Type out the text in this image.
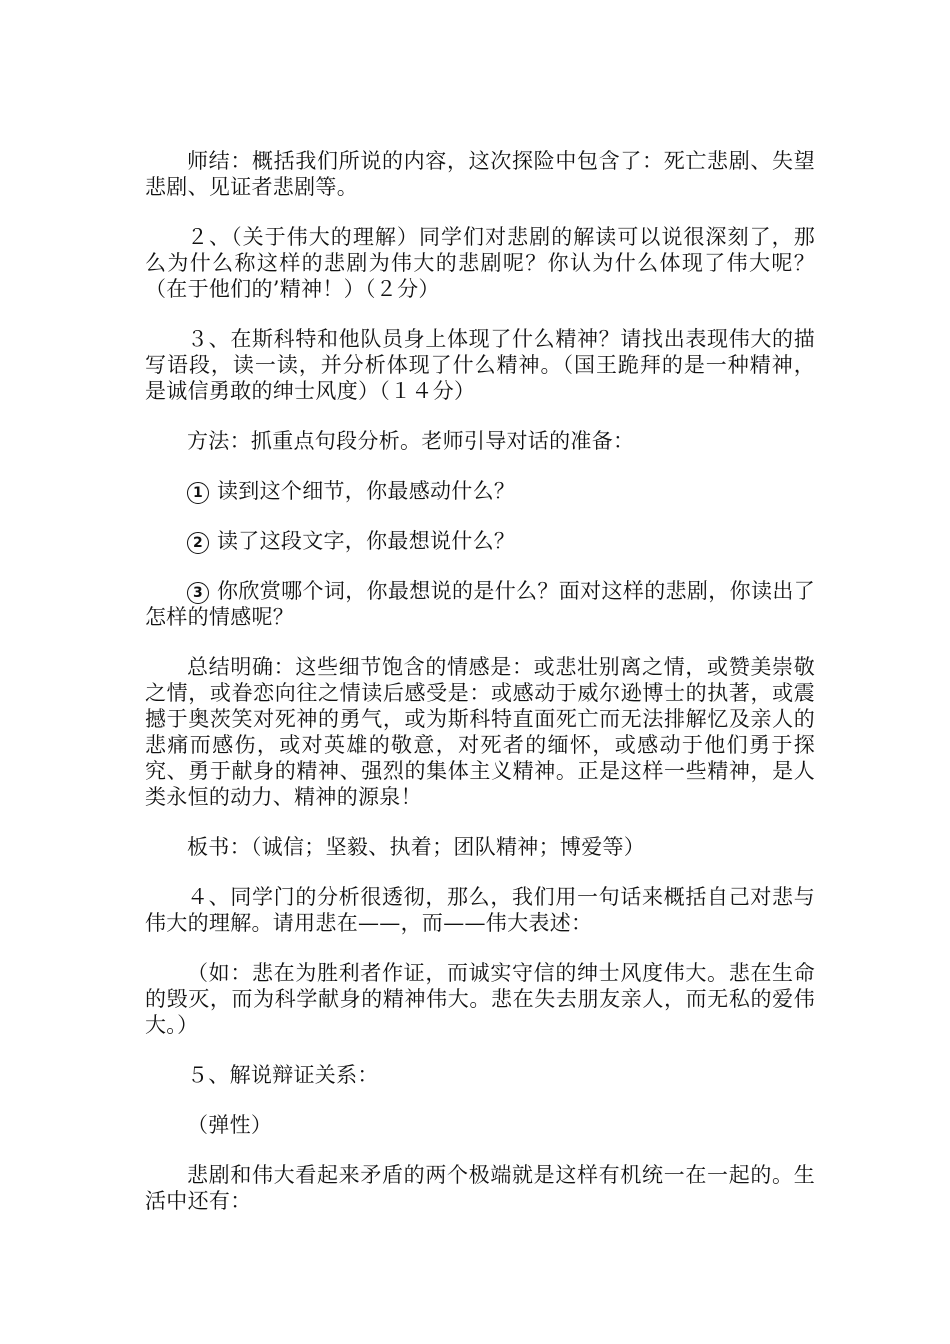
师结：概括我们所说的内容，这次探险中包含了：死亡悲剧、失望悲剧、见证者悲剧等。

２、（关于伟大的理解）同学们对悲剧的解读可以说很深刻了，那么为什么称这样的悲剧为伟大的悲剧呢？你认为什么体现了伟大呢？（在于他们的’精神！）（２分）

３、在斯科特和他队员身上体现了什么精神？请找出表现伟大的描写语段，读一读，并分析体现了什么精神。（国王跪拜的是一种精神，是诚信勇敢的绅士风度）（１４分）

方法：抓重点句段分析。老师引导对话的准备：

1 读到这个细节，你最感动什么？

2 读了这段文字，你最想说什么？

3 你欣赏哪个词，你最想说的是什么？面对这样的悲剧，你读出了怎样的情感呢？

总结明确：这些细节饱含的情感是：或悲壮别离之情，或赞美崇敬之情，或眷恋向往之情读后感受是：或感动于威尔逊博士的执著，或震撼于奥茨笑对死神的勇气，或为斯科特直面死亡而无法排解忆及亲人的悲痛而感伤，或对英雄的敬意，对死者的缅怀，或感动于他们勇于探究、勇于献身的精神、强烈的集体主义精神。正是这样一些精神，是人类永恒的动力、精神的源泉！

板书：（诚信；坚毅、执着；团队精神；博爱等）

４、同学门的分析很透彻，那么，我们用一句话来概括自己对悲与伟大的理解。请用悲在——，而——伟大表述：

（如：悲在为胜利者作证，而诚实守信的绅士风度伟大。悲在生命的毁灭，而为科学献身的精神伟大。悲在失去朋友亲人，而无私的爱伟大。）

５、解说辩证关系：

（弹性）

悲剧和伟大看起来矛盾的两个极端就是这样有机统一在一起的。生活中还有：
